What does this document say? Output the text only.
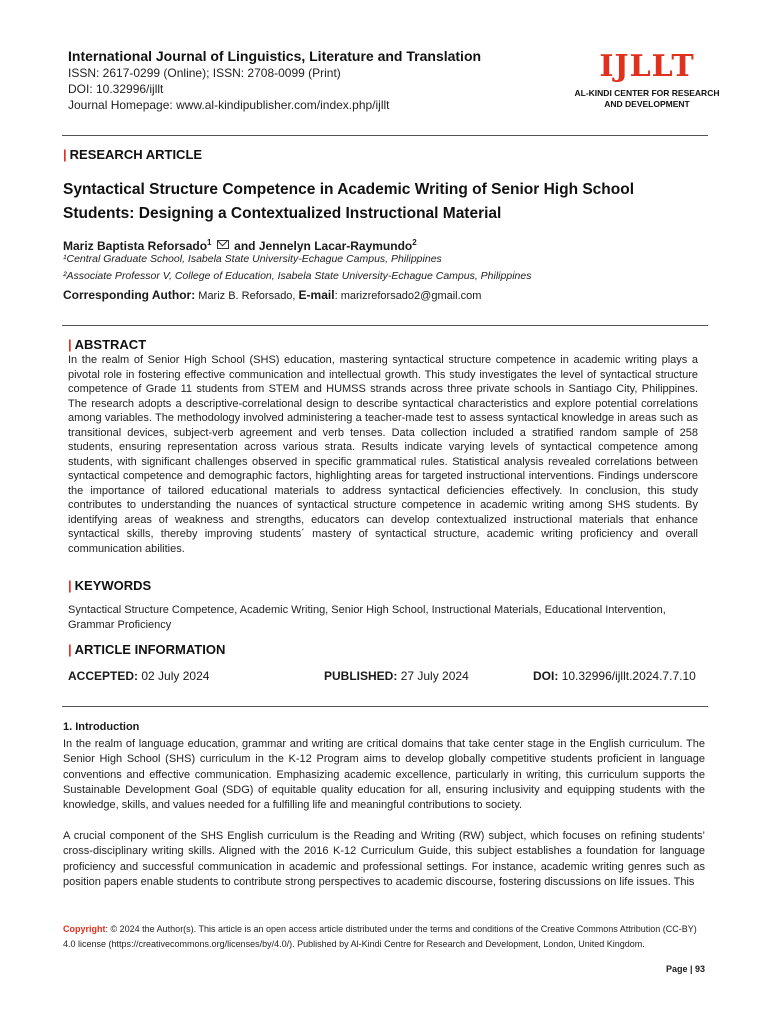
International Journal of Linguistics, Literature and Translation
ISSN: 2617-0299 (Online); ISSN: 2708-0099 (Print)
DOI: 10.32996/ijllt
Journal Homepage: www.al-kindipublisher.com/index.php/ijllt
IJLLT
AL-KINDI CENTER FOR RESEARCH
AND DEVELOPMENT
| RESEARCH ARTICLE
Syntactical Structure Competence in Academic Writing of Senior High School Students: Designing a Contextualized Instructional Material
Mariz Baptista Reforsado$^1$ and Jennelyn Lacar-Raymundo$^2$
¹Central Graduate School, Isabela State University-Echague Campus, Philippines
²Associate Professor V, College of Education, Isabela State University-Echague Campus, Philippines
Corresponding Author: Mariz B. Reforsado, E-mail: marizreforsado2@gmail.com
| ABSTRACT
In the realm of Senior High School (SHS) education, mastering syntactical structure competence in academic writing plays a pivotal role in fostering effective communication and intellectual growth. This study investigates the level of syntactical structure competence of Grade 11 students from STEM and HUMSS strands across three private schools in Santiago City, Philippines. The research adopts a descriptive-correlational design to describe syntactical characteristics and explore potential correlations among variables. The methodology involved administering a teacher-made test to assess syntactical knowledge in areas such as transitional devices, subject-verb agreement and verb tenses. Data collection included a stratified random sample of 258 students, ensuring representation across various strata. Results indicate varying levels of syntactical competence among students, with significant challenges observed in specific grammatical rules. Statistical analysis revealed correlations between syntactical competence and demographic factors, highlighting areas for targeted instructional interventions. Findings underscore the importance of tailored educational materials to address syntactical deficiencies effectively. In conclusion, this study contributes to understanding the nuances of syntactical structure competence in academic writing among SHS students. By identifying areas of weakness and strengths, educators can develop contextualized instructional materials that enhance syntactical skills, thereby improving students´ mastery of syntactical structure, academic writing proficiency and overall communication abilities.
| KEYWORDS
Syntactical Structure Competence, Academic Writing, Senior High School, Instructional Materials, Educational Intervention, Grammar Proficiency
| ARTICLE INFORMATION
ACCEPTED: 02 July 2024	PUBLISHED: 27 July 2024	DOI: 10.32996/ijllt.2024.7.7.10
1. Introduction
In the realm of language education, grammar and writing are critical domains that take center stage in the English curriculum. The Senior High School (SHS) curriculum in the K-12 Program aims to develop globally competitive students proficient in language conventions and effective communication. Emphasizing academic excellence, particularly in writing, this curriculum supports the Sustainable Development Goal (SDG) of equitable quality education for all, ensuring inclusivity and equipping students with the knowledge, skills, and values needed for a fulfilling life and meaningful contributions to society.
A crucial component of the SHS English curriculum is the Reading and Writing (RW) subject, which focuses on refining students’ cross-disciplinary writing skills. Aligned with the 2016 K-12 Curriculum Guide, this subject establishes a foundation for language proficiency and successful communication in academic and professional settings. For instance, academic writing genres such as position papers enable students to contribute strong perspectives to academic discourse, fostering discussions on life issues. This
Copyright: © 2024 the Author(s). This article is an open access article distributed under the terms and conditions of the Creative Commons Attribution (CC-BY) 4.0 license (https://creativecommons.org/licenses/by/4.0/). Published by Al-Kindi Centre for Research and Development, London, United Kingdom.
Page | 93
